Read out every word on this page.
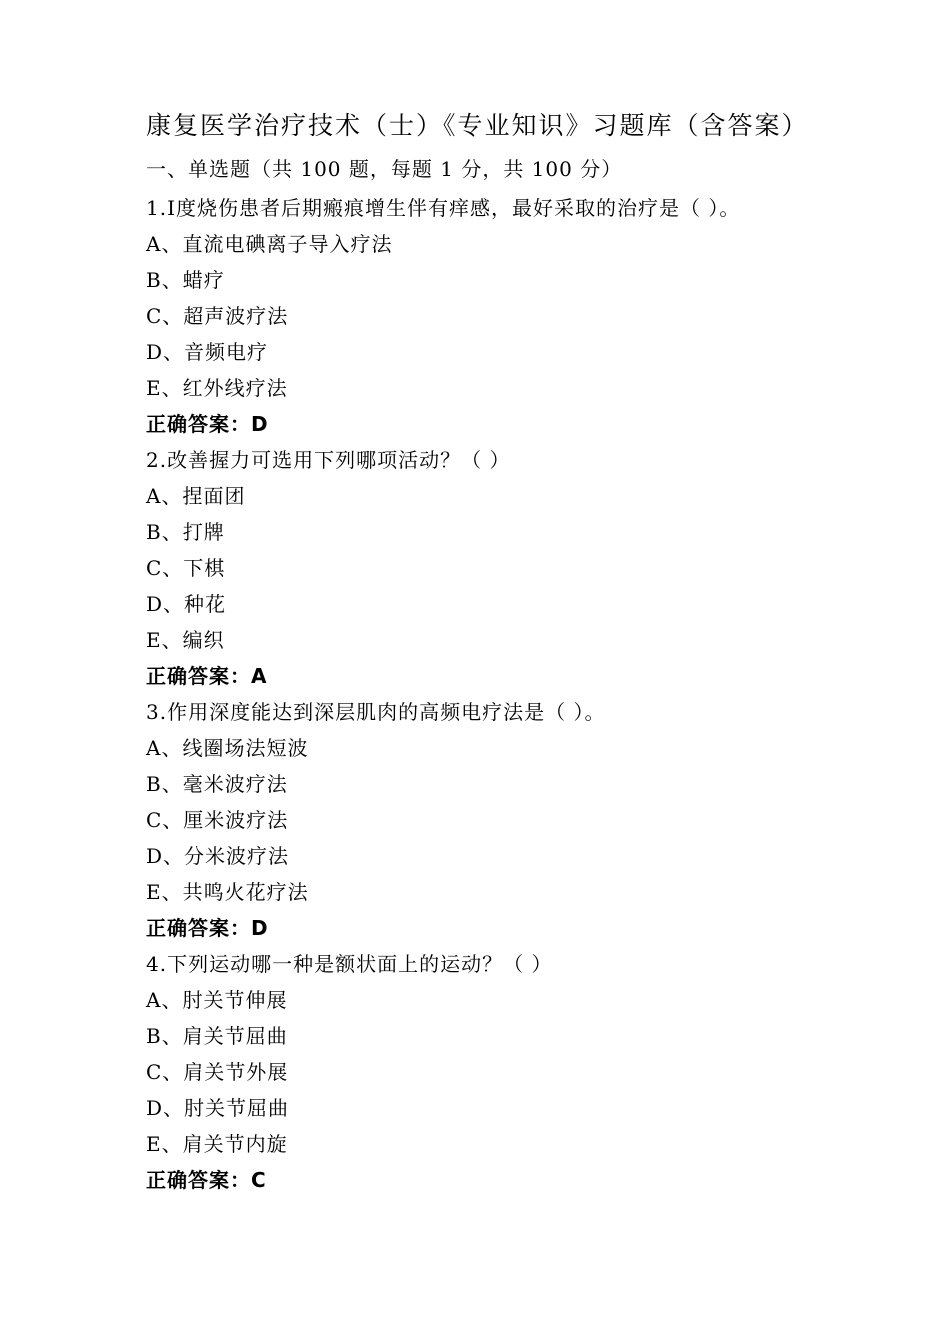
康复医学治疗技术（士）《专业知识》习题库（含答案）
一、单选题（共 100 题，每题 1 分，共 100 分）
1.Ⅰ度烧伤患者后期瘢痕增生伴有痒感，最好采取的治疗是（ ）。
A、直流电碘离子导入疗法
B、蜡疗
C、超声波疗法
D、音频电疗
E、红外线疗法
正确答案：D
2.改善握力可选用下列哪项活动？（ ）
A、捏面团
B、打牌
C、下棋
D、种花
E、编织
正确答案：A
3.作用深度能达到深层肌肉的高频电疗法是（ ）。
A、线圈场法短波
B、毫米波疗法
C、厘米波疗法
D、分米波疗法
E、共鸣火花疗法
正确答案：D
4.下列运动哪一种是额状面上的运动？（ ）
A、肘关节伸展
B、肩关节屈曲
C、肩关节外展
D、肘关节屈曲
E、肩关节内旋
正确答案：C
